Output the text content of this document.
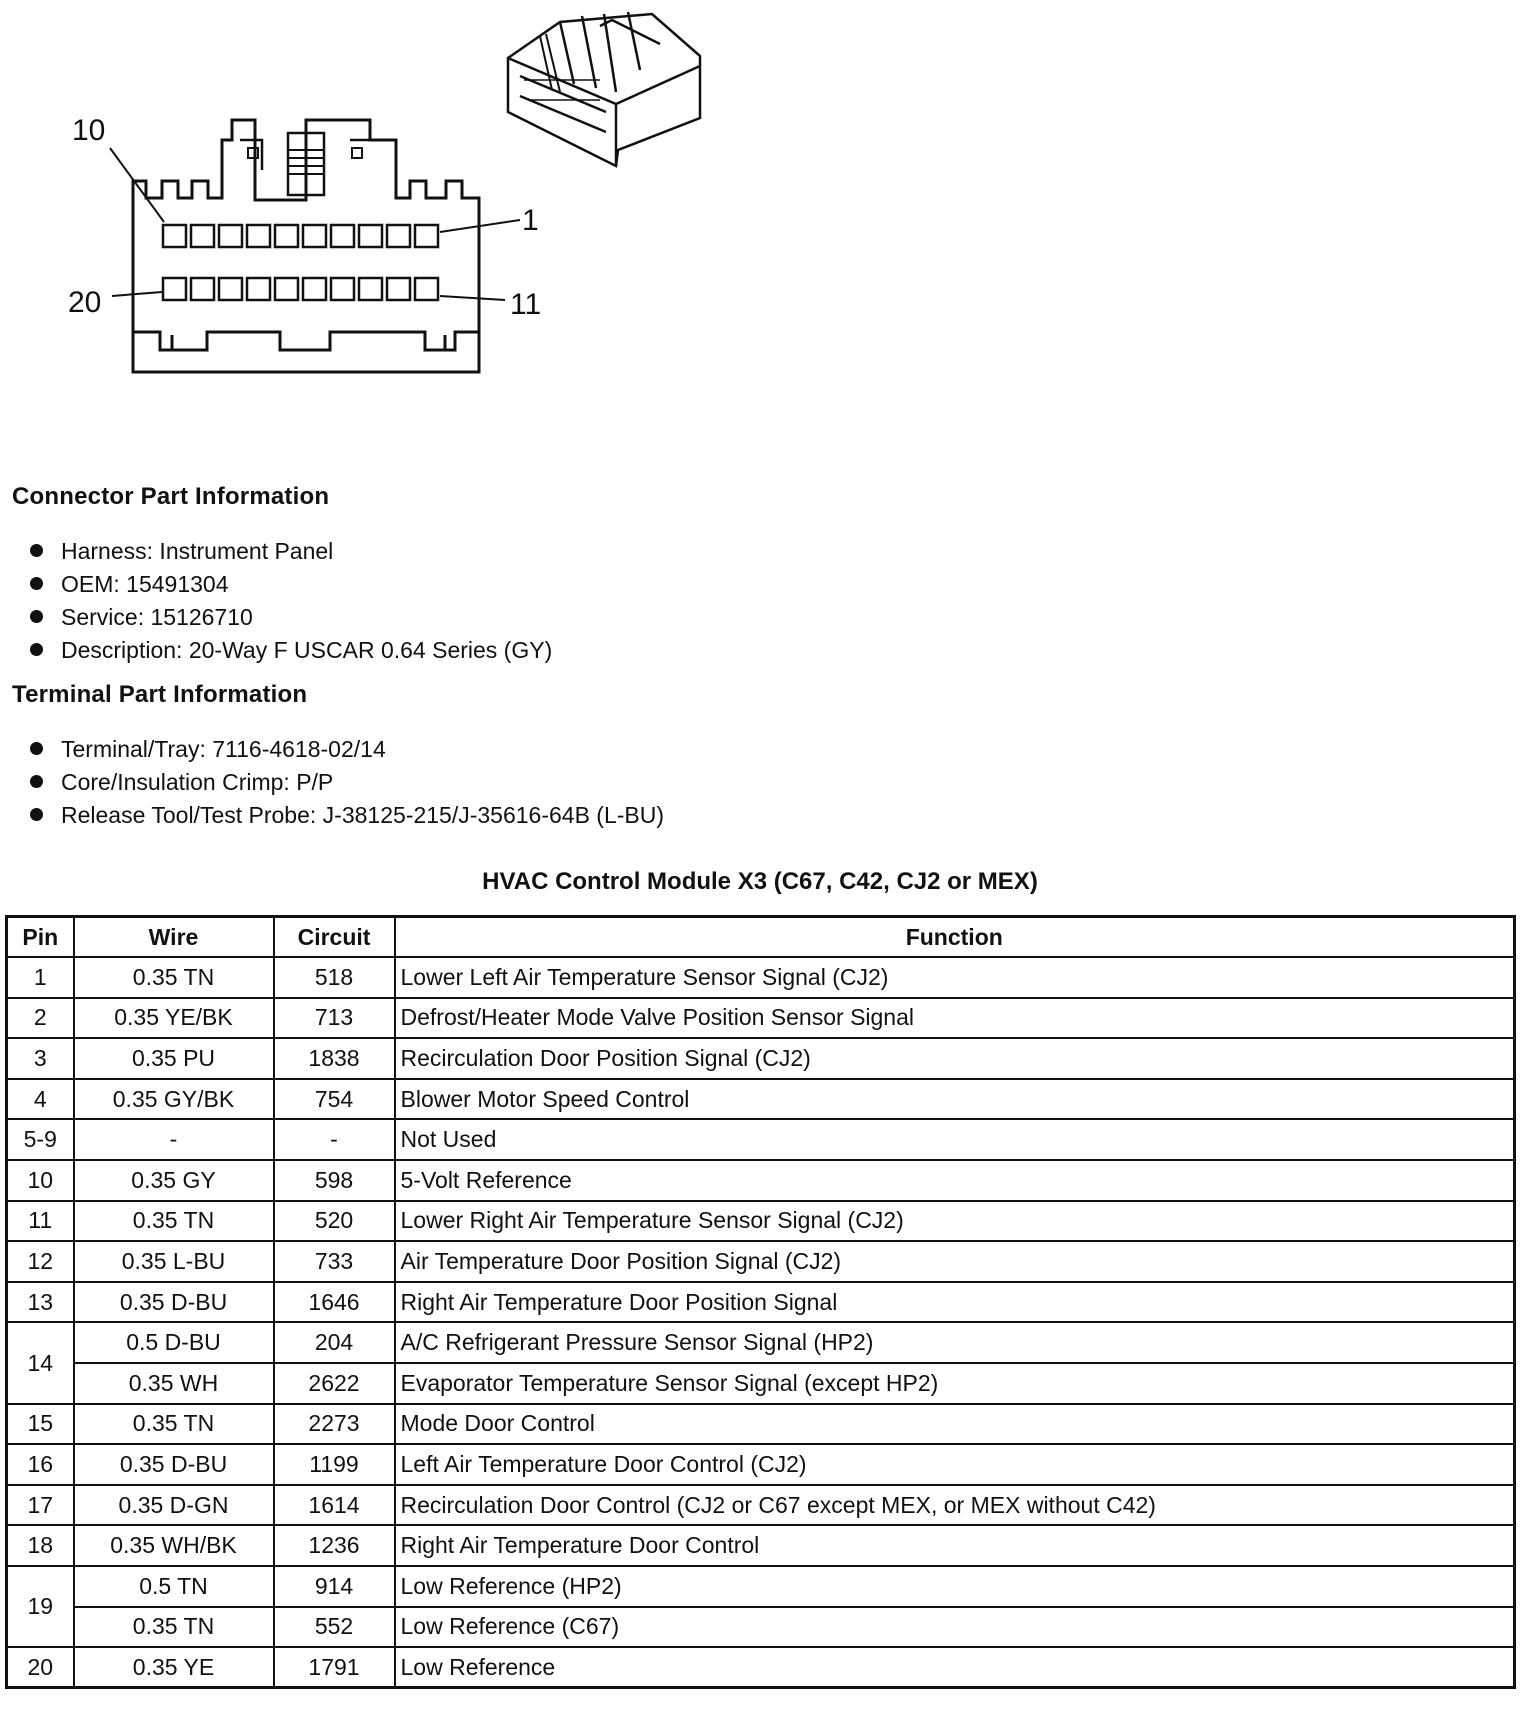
10
1
20	11
Connector Part Information
Harness: Instrument Panel
OEM: 15491304
Service: 15126710
Description: 20-Way F USCAR 0.64 Series (GY)
Terminal Part Information
Terminal/Tray: 7116-4618-02/14
Core/Insulation Crimp: P/P
Release Tool/Test Probe: J-38125-215/J-35616-64B (L-BU)
HVAC Control Module X3 (C67, C42, CJ2 or MEX)
Pin	Wire	Circuit	Function
1	0.35 TN	518	Lower Left Air Temperature Sensor Signal (CJ2)
2	0.35 YE/BK	713	Defrost/Heater Mode Valve Position Sensor Signal
3	0.35 PU	1838	Recirculation Door Position Signal (CJ2)
4	0.35 GY/BK	754	Blower Motor Speed Control
5-9	-	-	Not Used
10	0.35 GY	598	5-Volt Reference
11	0.35 TN	520	Lower Right Air Temperature Sensor Signal (CJ2)
12	0.35 L-BU	733	Air Temperature Door Position Signal (CJ2)
13	0.35 D-BU	1646	Right Air Temperature Door Position Signal
14	0.5 D-BU	204	A/C Refrigerant Pressure Sensor Signal (HP2)
	0.35 WH	2622	Evaporator Temperature Sensor Signal (except HP2)
15	0.35 TN	2273	Mode Door Control
16	0.35 D-BU	1199	Left Air Temperature Door Control (CJ2)
17	0.35 D-GN	1614	Recirculation Door Control (CJ2 or C67 except MEX, or MEX without C42)
18	0.35 WH/BK	1236	Right Air Temperature Door Control
19	0.5 TN	914	Low Reference (HP2)
	0.35 TN	552	Low Reference (C67)
20	0.35 YE	1791	Low Reference
